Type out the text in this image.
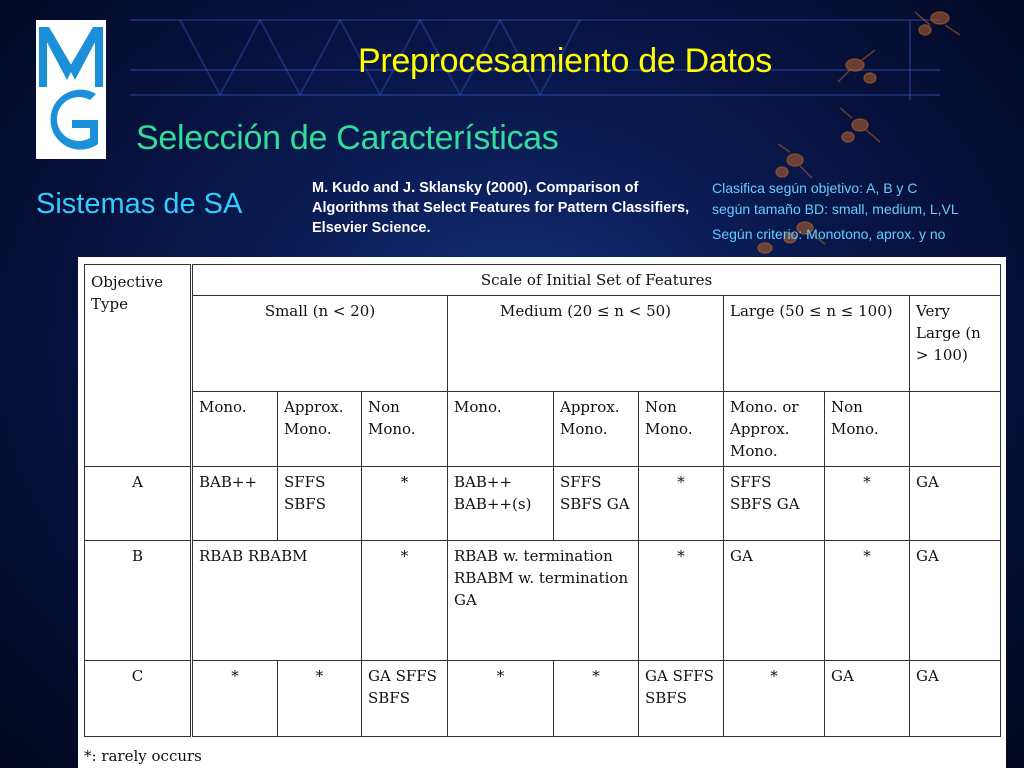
Preprocesamiento de Datos
Selección de Características
Sistemas de SA	M. Kudo and J. Sklansky (2000). Comparison of Algorithms that Select Features for Pattern Classifiers, Elsevier Science.
Clasifica según objetivo: A, B y C
según tamaño BD: small, medium, L,VL
Según criterio: Monotono, aprox. y no
Objective Type	Scale of Initial Set of Features								
	Small (n < 20)			Medium (20 ≤ n < 50)			Large (50 ≤ n ≤ 100)		Very Large (n > 100)
	Mono.	Approx. Mono.	Non Mono.	Mono.	Approx. Mono.	Non Mono.	Mono. or Approx. Mono.	Non Mono.	
A	BAB++	SFFS SBFS	*	BAB++ BAB++(s)	SFFS SBFS GA	*	SFFS SBFS GA	*	GA
B	RBAB RBABM		*	RBAB w. termination RBABM w. termination GA		*	GA	*	GA
C	*	*	GA SFFS SBFS	*	*	GA SFFS SBFS	*	GA	GA
*: rarely occurs
